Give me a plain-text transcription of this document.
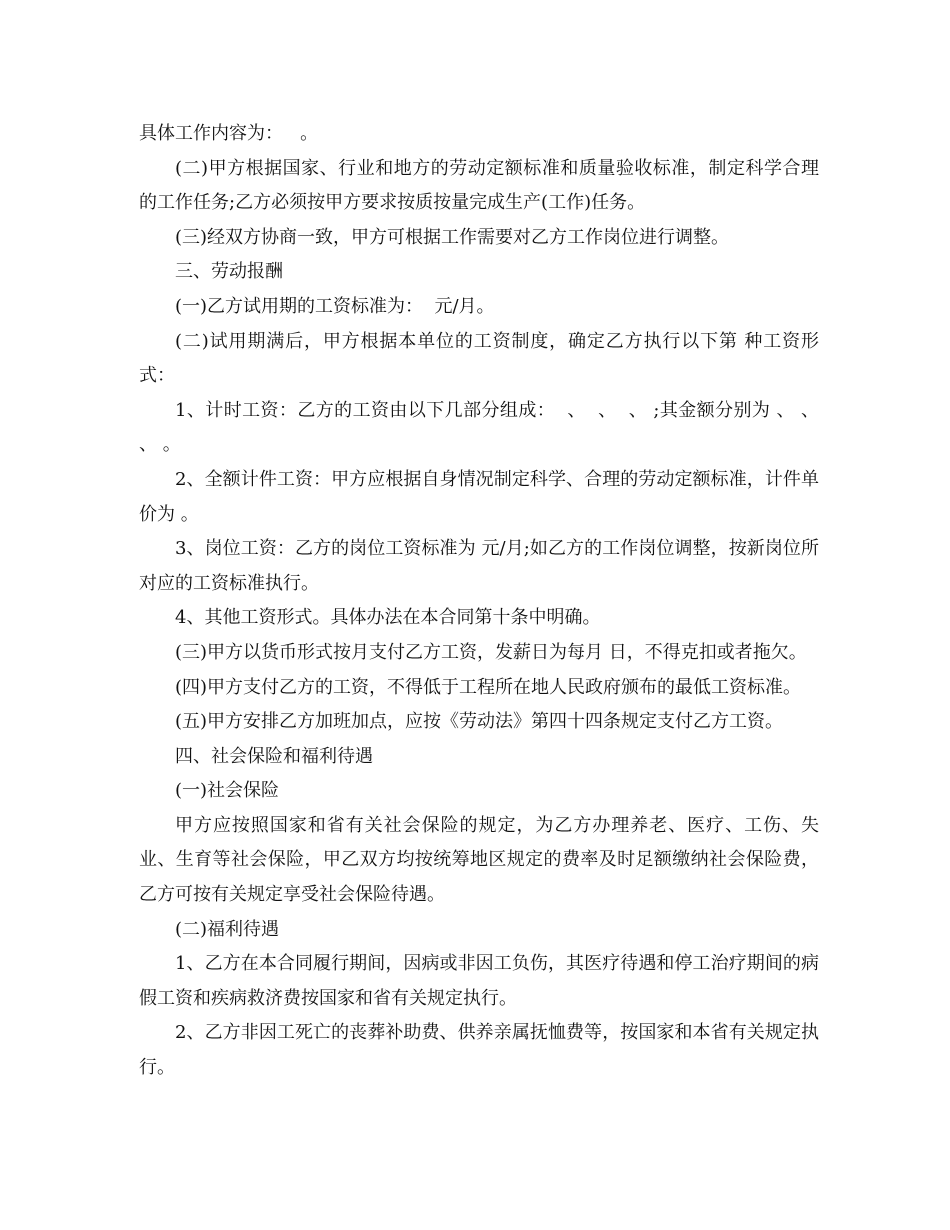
具体工作内容为：   。

(二)甲方根据国家、行业和地方的劳动定额标准和质量验收标准，制定科学合理的工作任务;乙方必须按甲方要求按质按量完成生产(工作)任务。

(三)经双方协商一致，甲方可根据工作需要对乙方工作岗位进行调整。

三、劳动报酬

(一)乙方试用期的工资标准为：  元/月。

(二)试用期满后，甲方根据本单位的工资制度，确定乙方执行以下第 种工资形式：

1、计时工资：乙方的工资由以下几部分组成：  、  、  、 ;其金额分别为 、 、 、 。

2、全额计件工资：甲方应根据自身情况制定科学、合理的劳动定额标准，计件单价为 。

3、岗位工资：乙方的岗位工资标准为 元/月;如乙方的工作岗位调整，按新岗位所对应的工资标准执行。

4、其他工资形式。具体办法在本合同第十条中明确。

(三)甲方以货币形式按月支付乙方工资，发薪日为每月 日，不得克扣或者拖欠。

(四)甲方支付乙方的工资，不得低于工程所在地人民政府颁布的最低工资标准。

(五)甲方安排乙方加班加点，应按《劳动法》第四十四条规定支付乙方工资。

四、社会保险和福利待遇

(一)社会保险

甲方应按照国家和省有关社会保险的规定，为乙方办理养老、医疗、工伤、失业、生育等社会保险，甲乙双方均按统筹地区规定的费率及时足额缴纳社会保险费，乙方可按有关规定享受社会保险待遇。

(二)福利待遇

1、乙方在本合同履行期间，因病或非因工负伤，其医疗待遇和停工治疗期间的病假工资和疾病救济费按国家和省有关规定执行。

2、乙方非因工死亡的丧葬补助费、供养亲属抚恤费等，按国家和本省有关规定执行。
